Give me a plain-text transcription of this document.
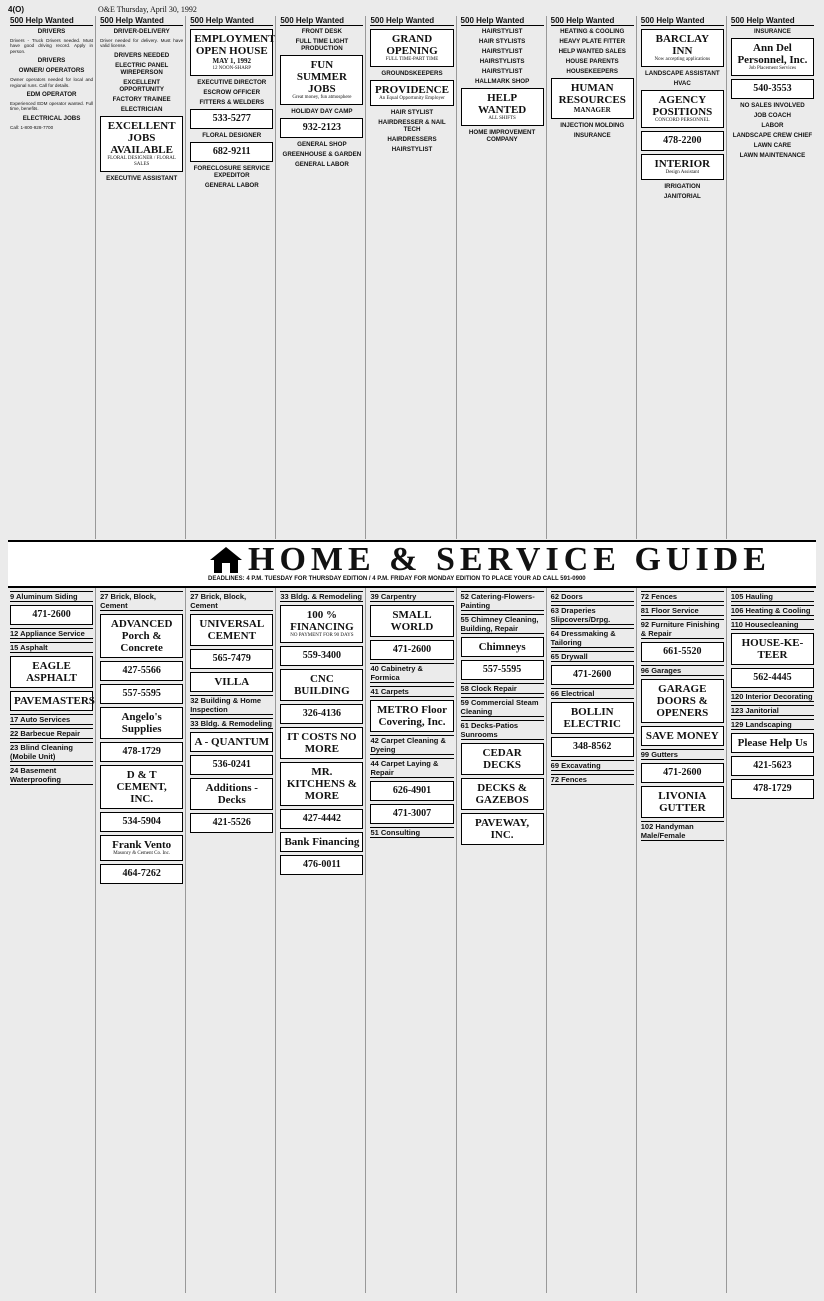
4(O)	O&E Thursday, April 30, 1992
500 Help Wanted
DRIVERS
Drivers - Truck Drivers needed. Must have good driving record. Apply in person.
DRIVERS
OWNER/ OPERATORS
Owner operators needed for local and regional runs. Call for details.
EDM OPERATOR
Experienced EDM operator wanted. Full time, benefits.
ELECTRICAL JOBS
Call: 1-800-928-7700
500 Help Wanted
DRIVER-DELIVERY
Driver needed for delivery. Must have valid license.
DRIVERS NEEDED
ELECTRIC PANEL WIREPERSON
EXCELLENT OPPORTUNITY
FACTORY TRAINEE
ELECTRICIAN
EXCELLENT JOBS AVAILABLE
FLORAL DESIGNER / FLORAL SALES
EXECUTIVE ASSISTANT
500 Help Wanted
EMPLOYMENT OPEN HOUSE
MAY 1, 1992
12 NOON-SHARP
EXECUTIVE DIRECTOR
ESCROW OFFICER
FITTERS & WELDERS
533-5277
FLORAL DESIGNER
682-9211
FORECLOSURE SERVICE EXPEDITOR
GENERAL LABOR
500 Help Wanted
FRONT DESK
FULL TIME LIGHT PRODUCTION
FUN SUMMER JOBS
Great money, fun atmosphere
HOLIDAY DAY CAMP
932-2123
GENERAL SHOP
GREENHOUSE & GARDEN
GENERAL LABOR
500 Help Wanted
GRAND OPENING
FULL TIME-PART TIME
GROUNDSKEEPERS
PROVIDENCE
An Equal Opportunity Employer
HAIR STYLIST
HAIRDRESSER & NAIL TECH
HAIRDRESSERS
HAIRSTYLIST
500 Help Wanted
HAIRSTYLIST
HAIR STYLISTS
HAIRSTYLIST
HAIRSTYLISTS
HAIRSTYLIST
HALLMARK SHOP
HELP WANTED
ALL SHIFTS
HOME IMPROVEMENT COMPANY
500 Help Wanted
HEATING & COOLING
HEAVY PLATE FITTER
HELP WANTED SALES
HOUSE PARENTS
HOUSEKEEPERS
HUMAN RESOURCES
MANAGER
INJECTION MOLDING
INSURANCE
500 Help Wanted
BARCLAY INN
Now accepting applications
LANDSCAPE ASSISTANT
HVAC
AGENCY POSITIONS
CONCORD PERSONNEL
478-2200
INTERIOR
Design Assistant
IRRIGATION
JANITORIAL
500 Help Wanted
INSURANCE
Ann Del Personnel, Inc.
Job Placement Services
540-3553
NO SALES INVOLVED
JOB COACH
LABOR
LANDSCAPE CREW CHIEF
LAWN CARE
LAWN MAINTENANCE
HOME & SERVICE GUIDE
DEADLINES: 4 P.M. TUESDAY FOR THURSDAY EDITION / 4 P.M. FRIDAY FOR MONDAY EDITION TO PLACE YOUR AD CALL 591-0900
9 Aluminum Siding
471-2600
12 Appliance Service
15 Asphalt
EAGLE ASPHALT
PAVEMASTERS
17 Auto Services
22 Barbecue Repair
23 Blind Cleaning (Mobile Unit)
24 Basement Waterproofing
27 Brick, Block, Cement
ADVANCED Porch & Concrete
427-5566
557-5595
Angelo's Supplies
478-1729
D & T CEMENT, INC.
534-5904
Frank Vento
Masonry & Cement Co. Inc.
464-7262
27 Brick, Block, Cement
UNIVERSAL CEMENT
565-7479
VILLA
32 Building & Home Inspection
33 Bldg. & Remodeling
A - QUANTUM
536-0241
Additions - Decks
421-5526
33 Bldg. & Remodeling
100 % FINANCING
NO PAYMENT FOR 90 DAYS
559-3400
CNC BUILDING
326-4136
IT COSTS NO MORE
MR. KITCHENS & MORE
427-4442
Bank Financing
476-0011
39 Carpentry
SMALL WORLD
471-2600
40 Cabinetry & Formica
41 Carpets
METRO Floor Covering, Inc.
42 Carpet Cleaning & Dyeing
44 Carpet Laying & Repair
626-4901
471-3007
51 Consulting
52 Catering-Flowers-Painting
55 Chimney Cleaning, Building, Repair
Chimneys
557-5595
58 Clock Repair
59 Commercial Steam Cleaning
61 Decks-Patios Sunrooms
CEDAR DECKS
DECKS & GAZEBOS
PAVEWAY, INC.
62 Doors
63 Draperies Slipcovers/Drpg.
64 Dressmaking & Tailoring
65 Drywall
471-2600
66 Electrical
BOLLIN ELECTRIC
348-8562
69 Excavating
72 Fences
72 Fences
81 Floor Service
92 Furniture Finishing & Repair
661-5520
96 Garages
GARAGE DOORS & OPENERS
SAVE MONEY
99 Gutters
471-2600
LIVONIA GUTTER
102 Handyman Male/Female
105 Hauling
106 Heating & Cooling
110 Housecleaning
HOUSE-KE-TEER
562-4445
120 Interior Decorating
123 Janitorial
129 Landscaping
Please Help Us
421-5623
478-1729
